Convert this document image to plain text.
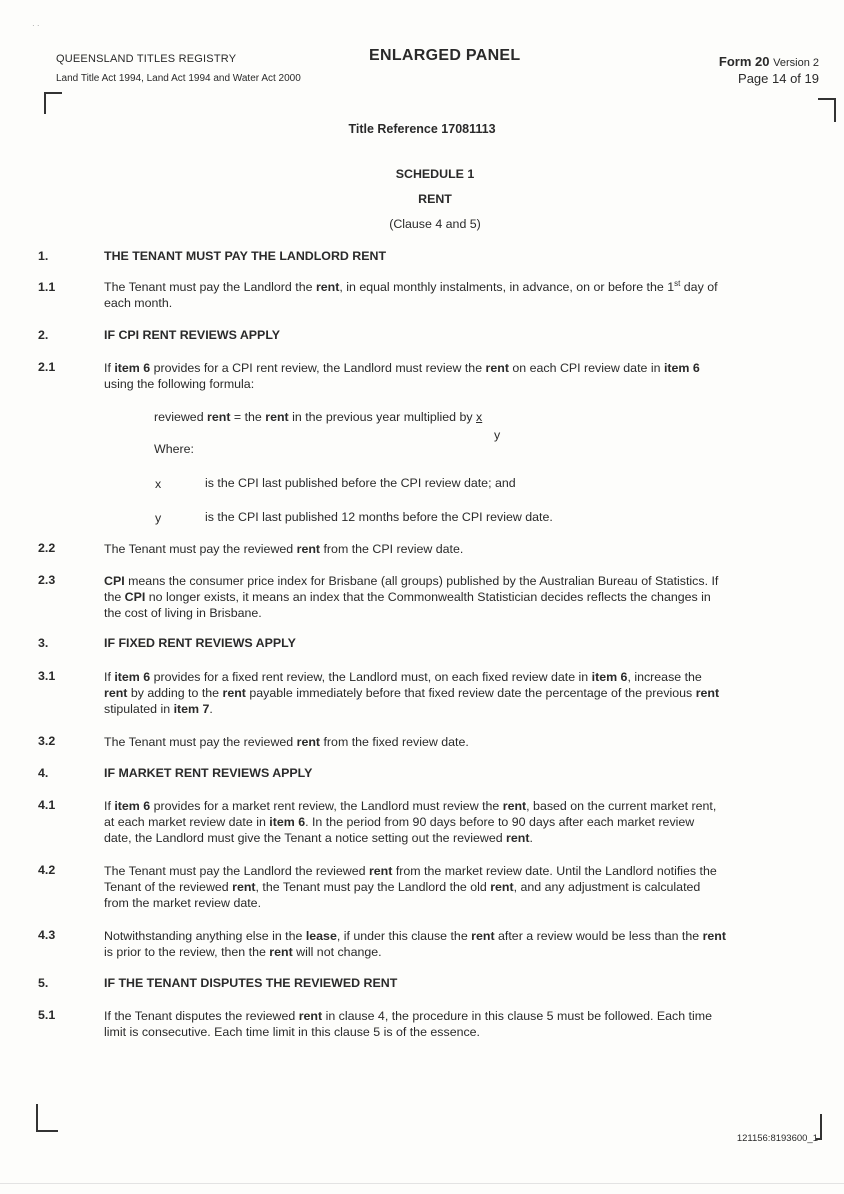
· ·
QUEENSLAND TITLES REGISTRY
Land Title Act 1994, Land Act 1994 and Water Act 2000
ENLARGED PANEL	Form 20 Version 2
Page 14 of 19
Title Reference 17081113
SCHEDULE 1
RENT
(Clause 4 and 5)
1.	THE TENANT MUST PAY THE LANDLORD RENT
1.1	The Tenant must pay the Landlord the rent, in equal monthly instalments, in advance, on or before the 1st day of
each month.
2.	IF CPI RENT REVIEWS APPLY
2.1	If item 6 provides for a CPI rent review, the Landlord must review the rent on each CPI review date in item 6
using the following formula:
reviewed rent = the rent in the previous year multiplied by x
y
Where:
x	is the CPI last published before the CPI review date; and
y	is the CPI last published 12 months before the CPI review date.
2.2	The Tenant must pay the reviewed rent from the CPI review date.
2.3	CPI means the consumer price index for Brisbane (all groups) published by the Australian Bureau of Statistics. If
the CPI no longer exists, it means an index that the Commonwealth Statistician decides reflects the changes in
the cost of living in Brisbane.
3.	IF FIXED RENT REVIEWS APPLY
3.1	If item 6 provides for a fixed rent review, the Landlord must, on each fixed review date in item 6, increase the
rent by adding to the rent payable immediately before that fixed review date the percentage of the previous rent
stipulated in item 7.
3.2	The Tenant must pay the reviewed rent from the fixed review date.
4.	IF MARKET RENT REVIEWS APPLY
4.1	If item 6 provides for a market rent review, the Landlord must review the rent, based on the current market rent,
at each market review date in item 6. In the period from 90 days before to 90 days after each market review
date, the Landlord must give the Tenant a notice setting out the reviewed rent.
4.2	The Tenant must pay the Landlord the reviewed rent from the market review date. Until the Landlord notifies the
Tenant of the reviewed rent, the Tenant must pay the Landlord the old rent, and any adjustment is calculated
from the market review date.
4.3	Notwithstanding anything else in the lease, if under this clause the rent after a review would be less than the rent
is prior to the review, then the rent will not change.
5.	IF THE TENANT DISPUTES THE REVIEWED RENT
5.1	If the Tenant disputes the reviewed rent in clause 4, the procedure in this clause 5 must be followed. Each time
limit is consecutive. Each time limit in this clause 5 is of the essence.
121156:8193600_1
